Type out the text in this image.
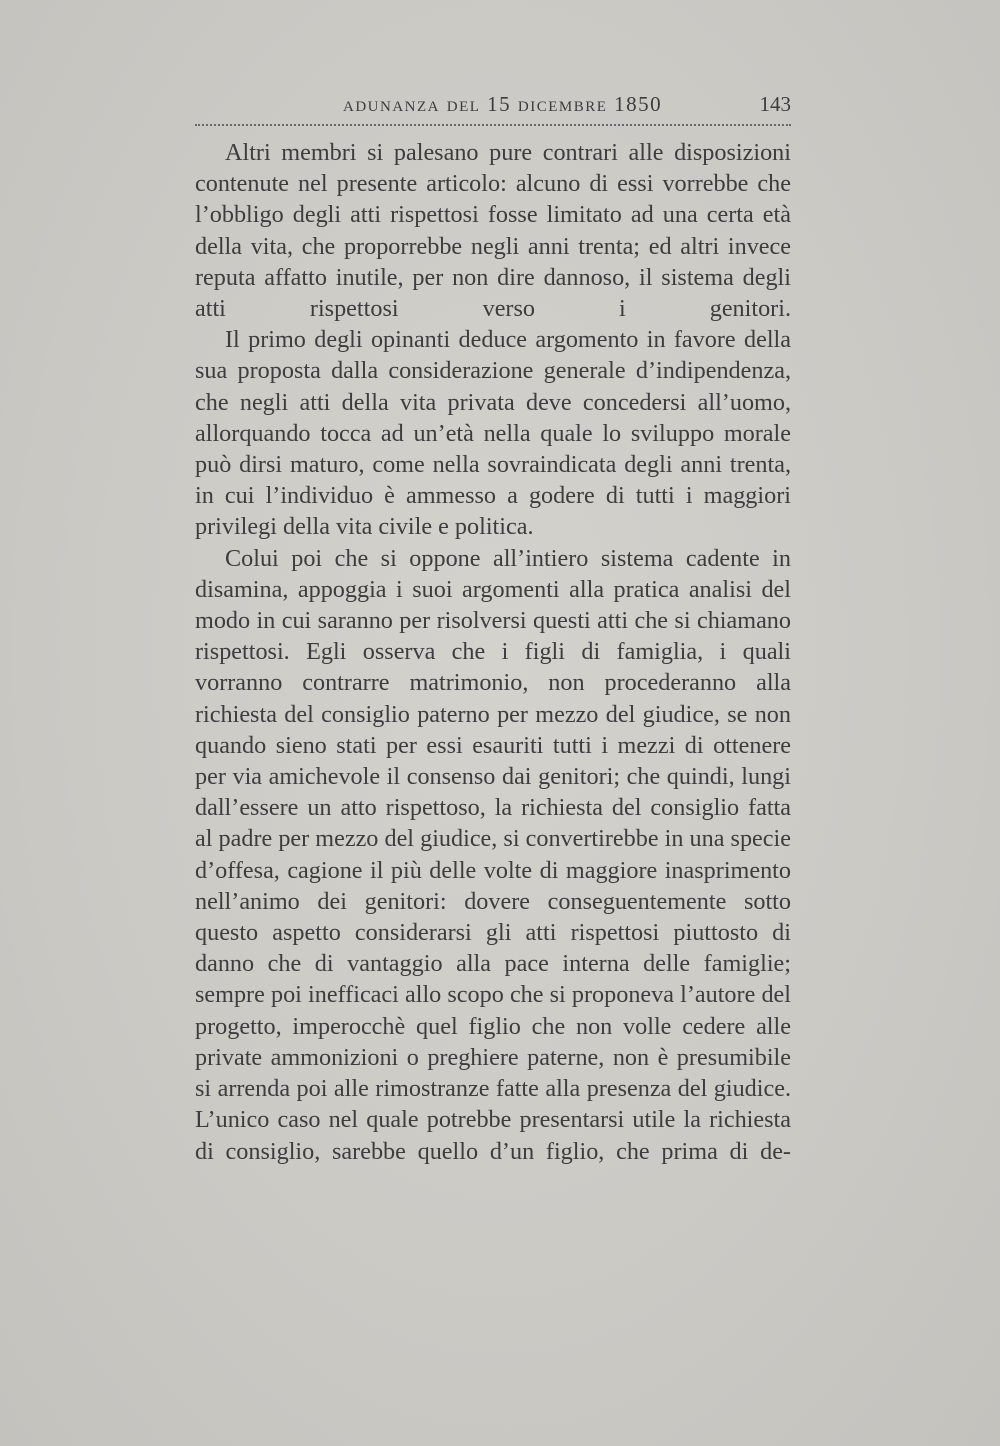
adunanza del 15 dicembre 1850	143

Altri membri si palesano pure contrari alle disposizioni contenute nel presente articolo: alcuno di essi vorrebbe che l’obbligo degli atti rispettosi fosse limitato ad una certa età della vita, che proporrebbe negli anni trenta; ed altri invece reputa affatto inutile, per non dire dannoso, il sistema degli atti rispettosi verso i genitori.

Il primo degli opinanti deduce argomento in favore della sua proposta dalla considerazione generale d’indipendenza, che negli atti della vita privata deve concedersi all’uomo, allorquando tocca ad un’età nella quale lo sviluppo morale può dirsi maturo, come nella sovraindicata degli anni trenta, in cui l’individuo è ammesso a godere di tutti i maggiori privilegi della vita civile e politica.

Colui poi che si oppone all’intiero sistema cadente in disamina, appoggia i suoi argomenti alla pratica analisi del modo in cui saranno per risolversi questi atti che si chiamano rispettosi. Egli osserva che i figli di famiglia, i quali vorranno contrarre matrimonio, non procederanno alla richiesta del consiglio paterno per mezzo del giudice, se non quando sieno stati per essi esauriti tutti i mezzi di ottenere per via amichevole il consenso dai genitori; che quindi, lungi dall’essere un atto rispettoso, la richiesta del consiglio fatta al padre per mezzo del giudice, si convertirebbe in una specie d’offesa, cagione il più delle volte di maggiore inasprimento nell’animo dei genitori: dovere conseguentemente sotto questo aspetto considerarsi gli atti rispettosi piuttosto di danno che di vantaggio alla pace interna delle famiglie; sempre poi inefficaci allo scopo che si proponeva l’autore del progetto, imperocchè quel figlio che non volle cedere alle private ammonizioni o preghiere paterne, non è presumibile si arrenda poi alle rimostranze fatte alla presenza del giudice. L’unico caso nel quale potrebbe presentarsi utile la richiesta di consiglio, sarebbe quello d’un figlio, che prima di de-
